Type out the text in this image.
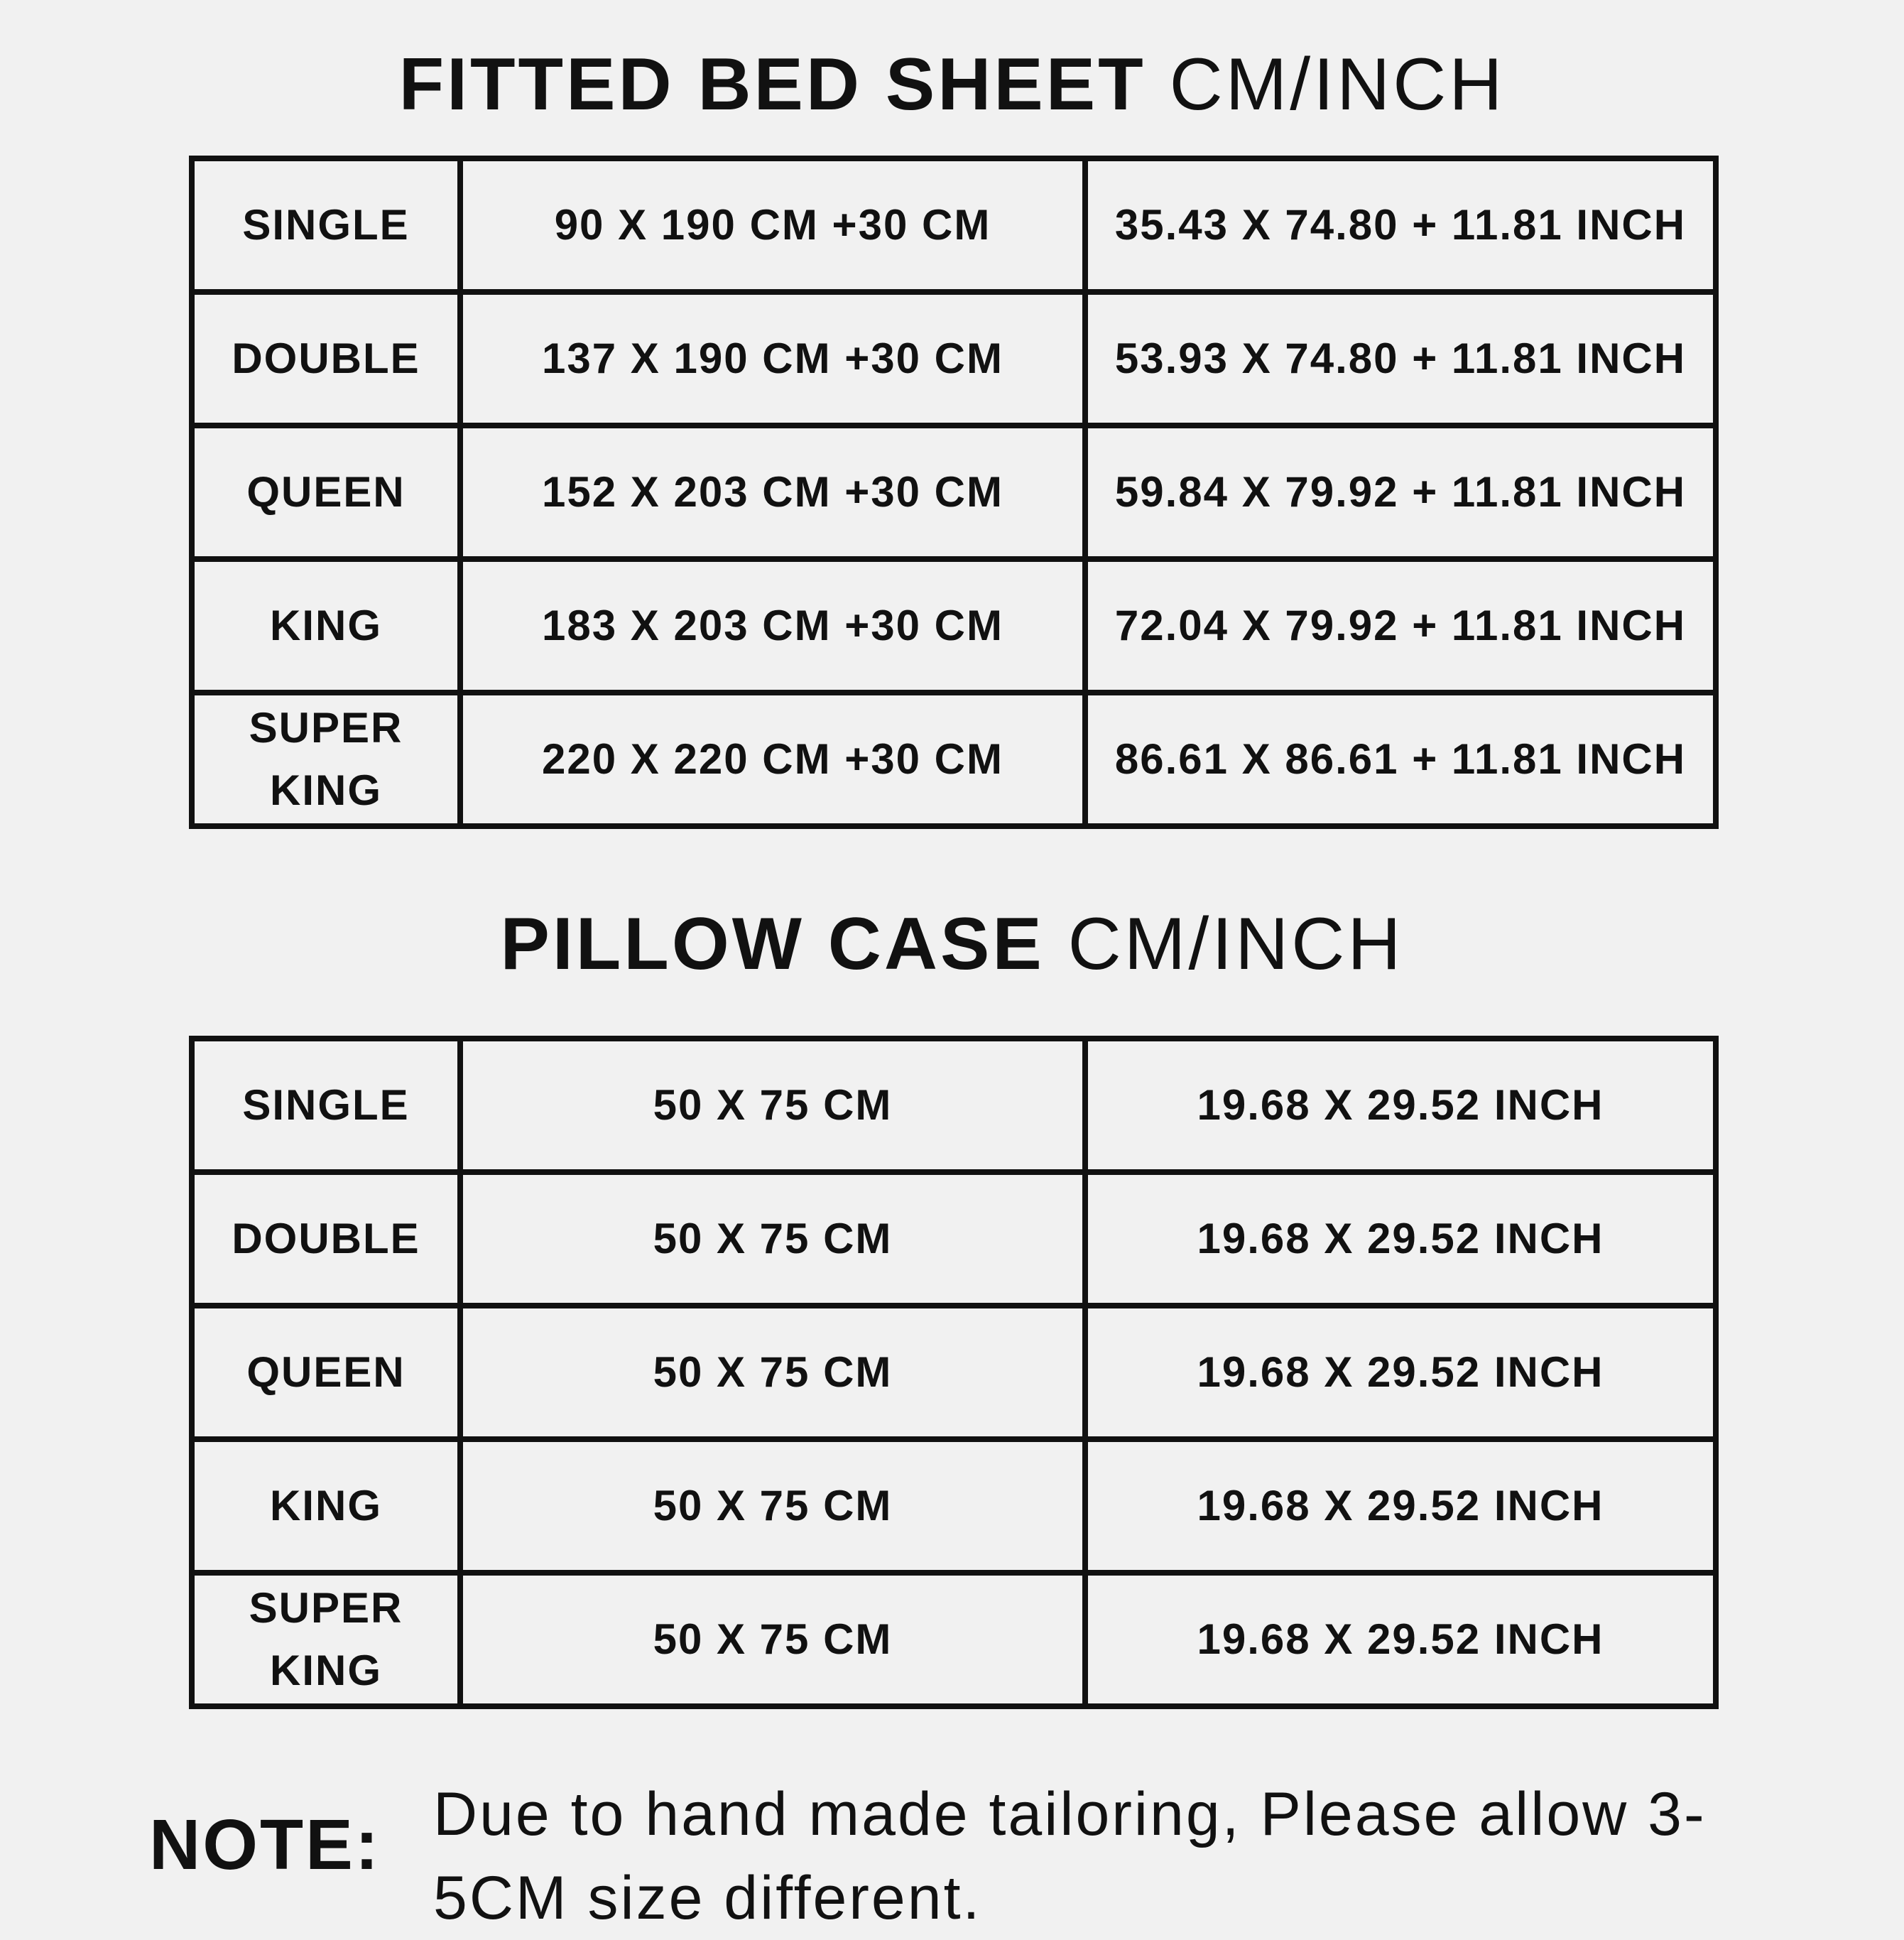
FITTED BED SHEET CM/INCH
SINGLE	90 X 190 CM +30 CM	35.43 X 74.80 + 11.81 INCH
DOUBLE	137 X 190 CM +30 CM	53.93 X 74.80 + 11.81 INCH
QUEEN	152 X 203 CM +30 CM	59.84 X 79.92 + 11.81 INCH
KING	183 X 203 CM +30 CM	72.04 X 79.92 + 11.81 INCH
SUPER KING	220 X 220 CM +30 CM	86.61 X 86.61 + 11.81 INCH
PILLOW CASE CM/INCH
SINGLE	50 X 75 CM	19.68 X 29.52 INCH
DOUBLE	50 X 75 CM	19.68 X 29.52 INCH
QUEEN	50 X 75 CM	19.68 X 29.52 INCH
KING	50 X 75 CM	19.68 X 29.52 INCH
SUPER KING	50 X 75 CM	19.68 X 29.52 INCH
NOTE: Due to hand made tailoring, Please allow 3-5CM size different.
